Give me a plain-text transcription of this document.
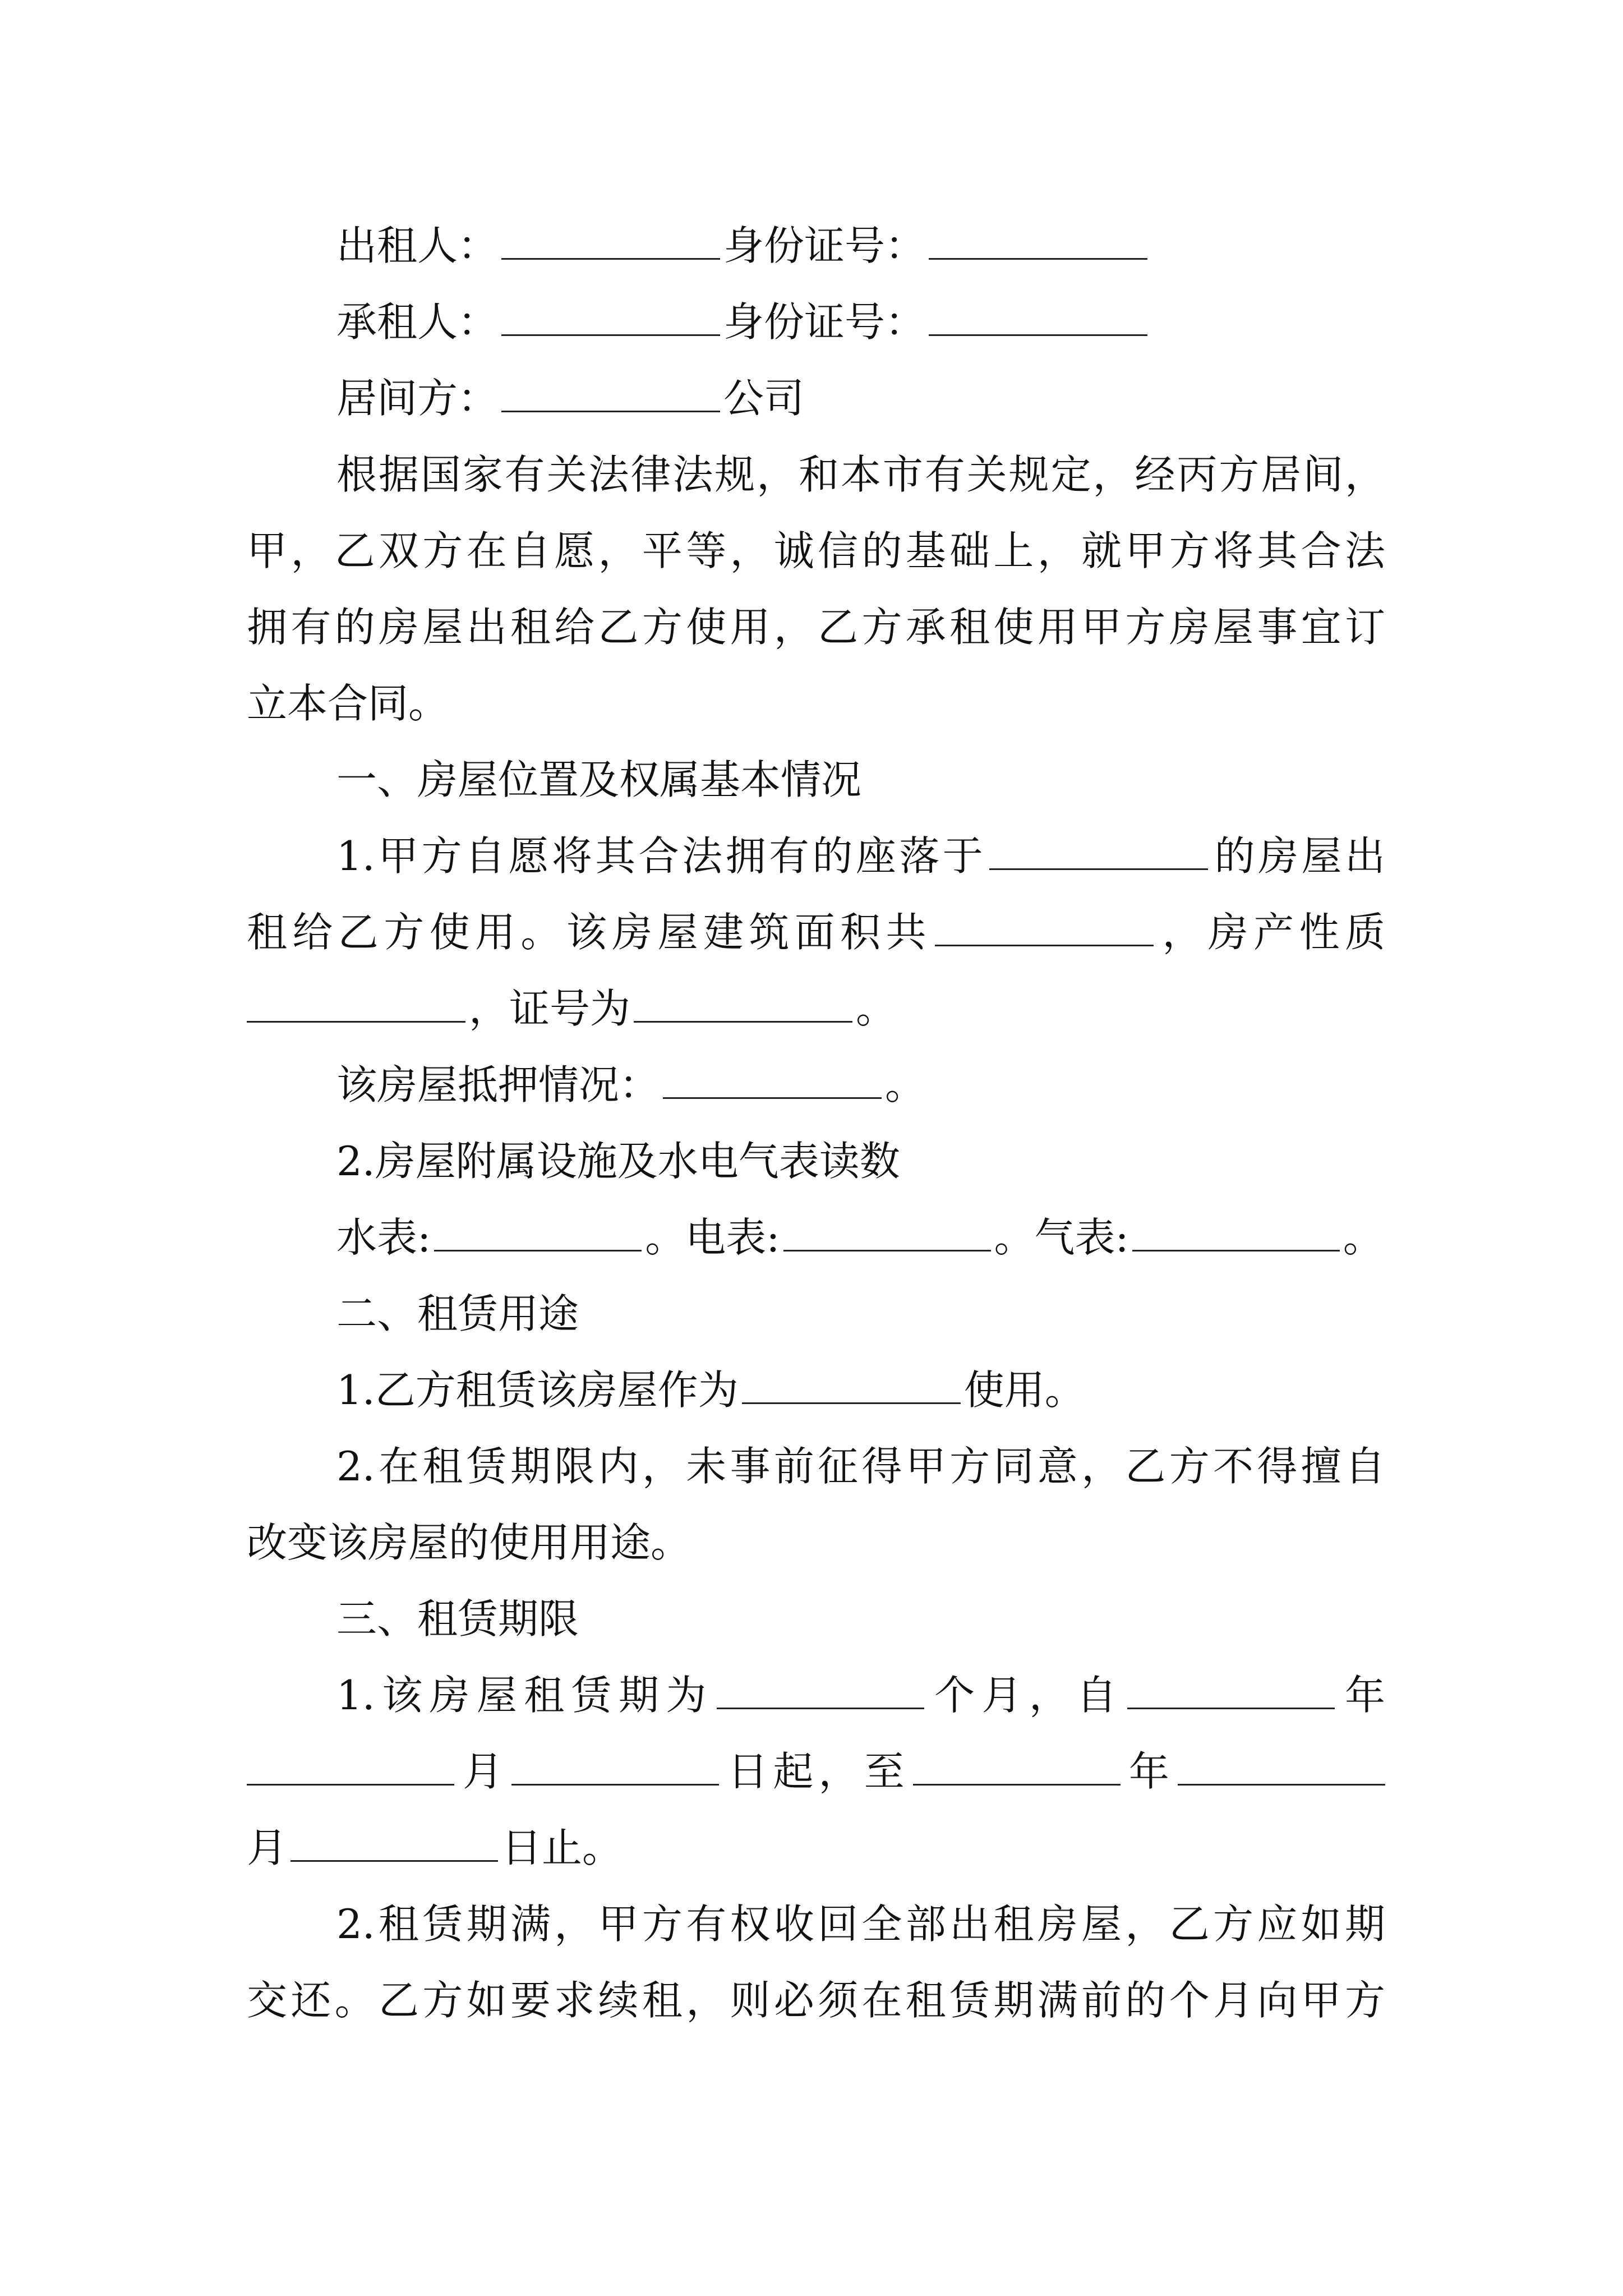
出租人：	身份证号：
承租人：	身份证号：
居间方：	公司
根据国家有关法律法规，和本市有关规定，经丙方居间，
甲，乙双方在自愿，平等，诚信的基础上，就甲方将其合法
拥有的房屋出租给乙方使用，乙方承租使用甲方房屋事宜订
立本合同。
一、房屋位置及权属基本情况
1.甲方自愿将其合法拥有的座落于	的房屋出
租给乙方使用。该房屋建筑面积共	，房产性质
，证号为	。
该房屋抵押情况：	。
2.房屋附属设施及水电气表读数
水表:	。电表:	。气表:	。
二、租赁用途
1.乙方租赁该房屋作为	使用。
2.在租赁期限内，未事前征得甲方同意，乙方不得擅自
改变该房屋的使用用途。
三、租赁期限
1.该房屋租赁期为	个月，自	年
月	日起，至	年
月	日止。
2.租赁期满，甲方有权收回全部出租房屋，乙方应如期
交还。乙方如要求续租，则必须在租赁期满前的个月向甲方
